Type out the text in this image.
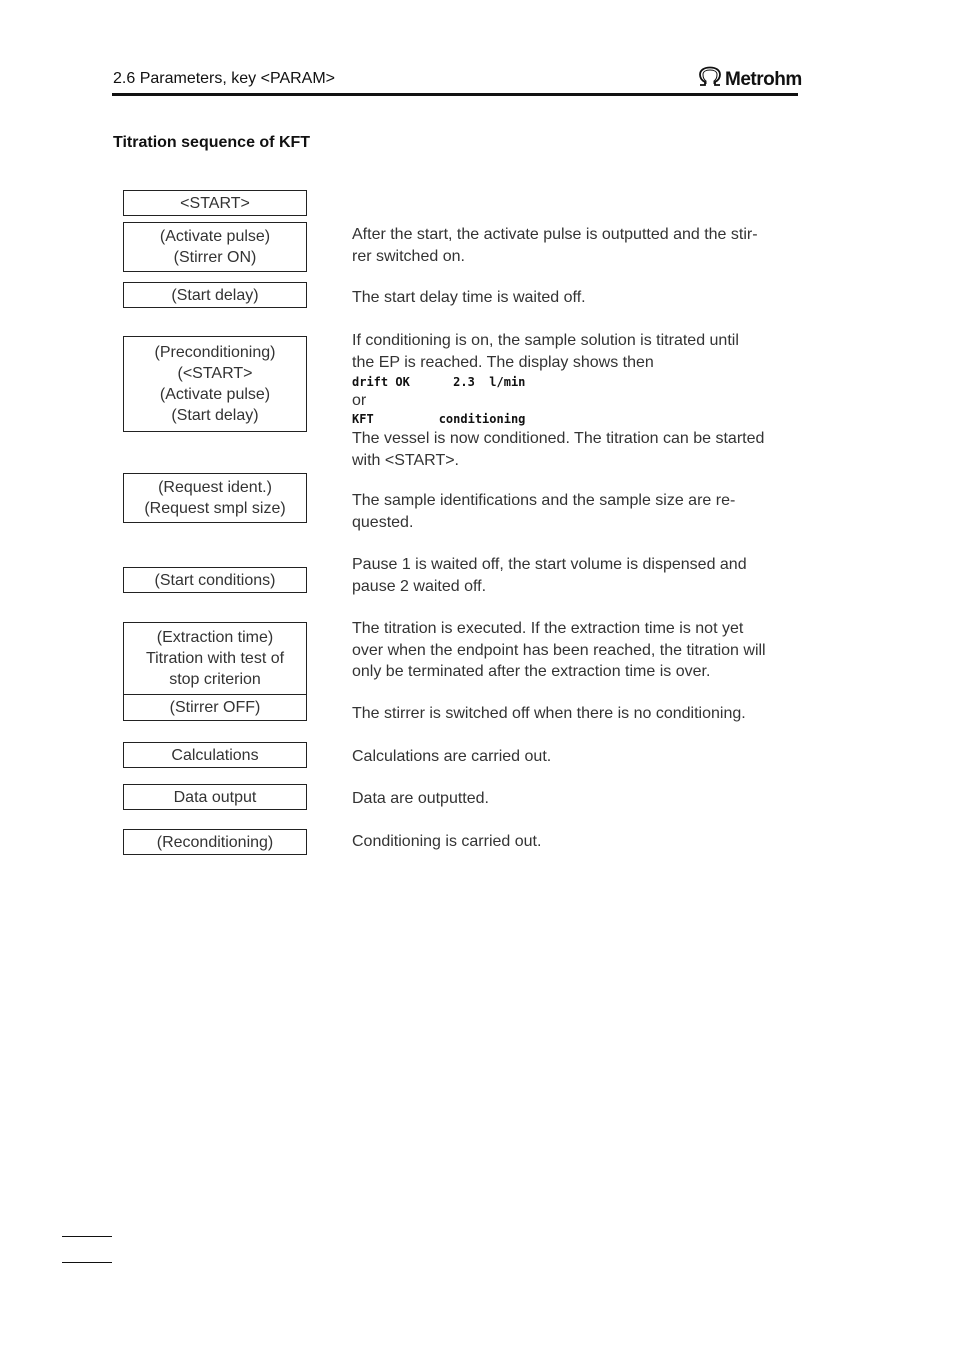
2.6 Parameters, key <PARAM>	Metrohm
Titration sequence of KFT
<START>
(Activate pulse)
(Stirrer ON)
(Start delay)
(Preconditioning)
(<START>
(Activate pulse)
(Start delay)
(Request ident.)
(Request smpl size)
(Start conditions)
(Extraction time)
Titration with test of
stop criterion
(Stirrer OFF)
Calculations
Data output
(Reconditioning)
After the start, the activate pulse is outputted and the stir-
rer switched on.
The start delay time is waited off.
If conditioning is on, the sample solution is titrated until
the EP is reached. The display shows then
drift OK      2.3  l/min
or
KFT         conditioning
The vessel is now conditioned. The titration can be started
with <START>.
The sample identifications and the sample size are re-
quested.
Pause 1 is waited off, the start volume is dispensed and
pause 2 waited off.
The titration is executed. If the extraction time is not yet
over when the endpoint has been reached, the titration will
only be terminated after the extraction time is over.
The stirrer is switched off when there is no conditioning.
Calculations are carried out.
Data are outputted.
Conditioning is carried out.
